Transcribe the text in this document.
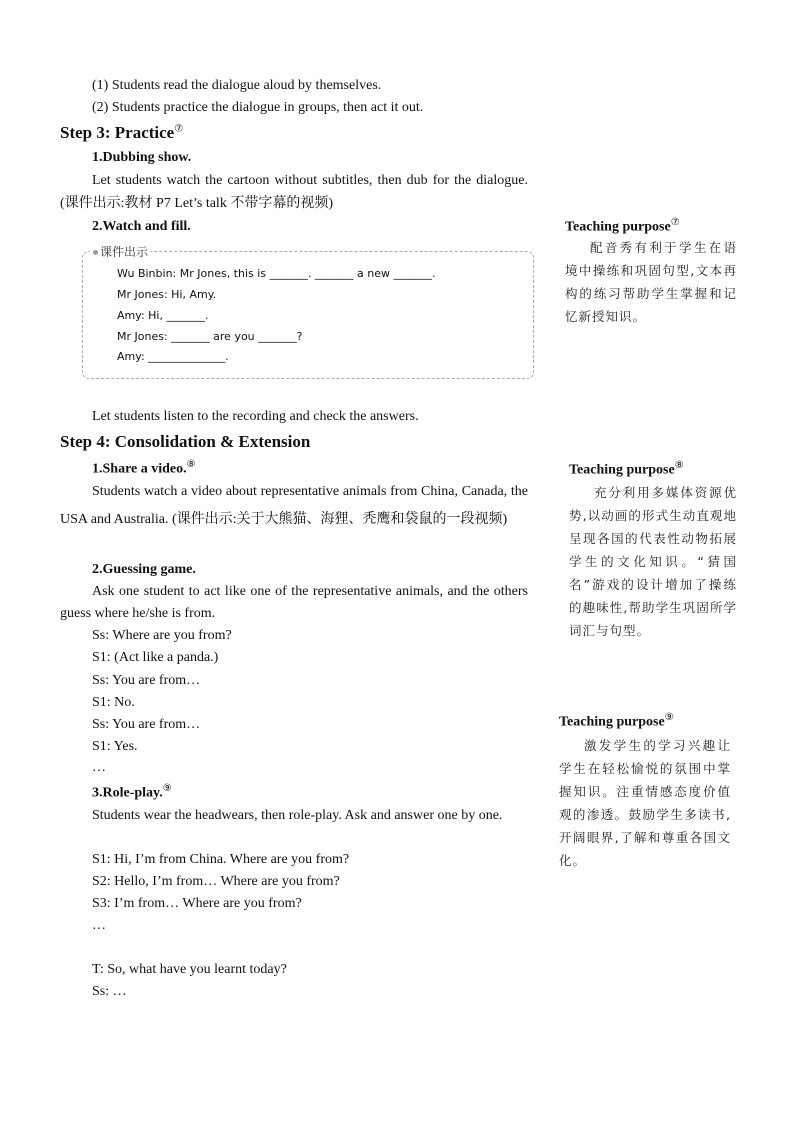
(1) Students read the dialogue aloud by themselves.
(2) Students practice the dialogue in groups, then act it out.
Step 3: Practice⑦
1.Dubbing show.
Let students watch the cartoon without subtitles, then dub for the dialogue. (课件出示:教材 P7 Let’s talk 不带字幕的视频)
2.Watch and fill.
课件出示
Wu Binbin: Mr Jones, this is _______. _______ a new _______.
Mr Jones: Hi, Amy.
Amy: Hi, _______.
Mr Jones: _______ are you _______?
Amy: ______________.
Let students listen to the recording and check the answers.
Step 4: Consolidation & Extension
1.Share a video.⑧
Students watch a video about representative animals from China, Canada, the USA and Australia. (课件出示:关于大熊猫、海狸、秃鹰和袋鼠的一段视频)
2.Guessing game.
Ask one student to act like one of the representative animals, and the others guess where he/she is from.
Ss: Where are you from?
S1: (Act like a panda.)
Ss: You are from…
S1: No.
Ss: You are from…
S1: Yes.
…
3.Role-play.⑨
Students wear the headwears, then role-play. Ask and answer one by one.
S1: Hi, I’m from China. Where are you from?
S2: Hello, I’m from… Where are you from?
S3: I’m from… Where are you from?
…
T: So, what have you learnt today?
Ss: …
Teaching purpose⑦
配音秀有利于学生在语境中操练和巩固句型,文本再构的练习帮助学生掌握和记忆新授知识。
Teaching purpose⑧
充分利用多媒体资源优势,以动画的形式生动直观地呈现各国的代表性动物拓展学生的文化知识。“猜国名”游戏的设计增加了操练的趣味性,帮助学生巩固所学词汇与句型。
Teaching purpose⑨
激发学生的学习兴趣让学生在轻松愉悦的氛围中掌握知识。注重情感态度价值观的渗透。鼓励学生多读书,开阔眼界,了解和尊重各国文化。
